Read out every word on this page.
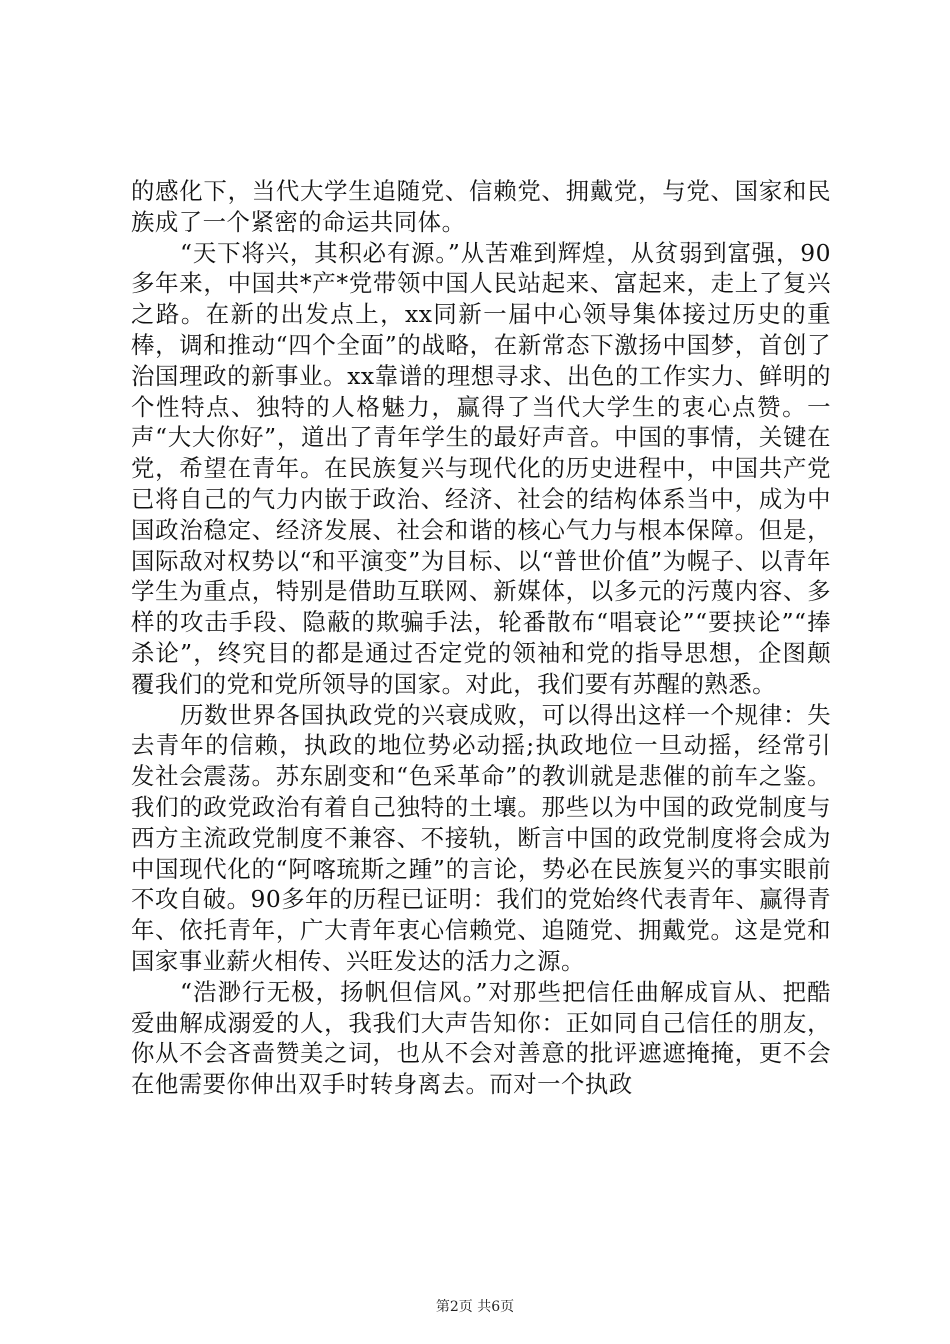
的感化下，当代大学生追随党、信赖党、拥戴党，与党、国家和民族成了一个紧密的命运共同体。

“天下将兴，其积必有源。”从苦难到辉煌，从贫弱到富强，90多年来，中国共*产*党带领中国人民站起来、富起来，走上了复兴之路。在新的出发点上，xx同新一届中心领导集体接过历史的重棒，调和推动“四个全面”的战略，在新常态下激扬中国梦，首创了治国理政的新事业。xx靠谱的理想寻求、出色的工作实力、鲜明的个性特点、独特的人格魅力，赢得了当代大学生的衷心点赞。一声“大大你好”，道出了青年学生的最好声音。中国的事情，关键在党，希望在青年。在民族复兴与现代化的历史进程中，中国共产党已将自己的气力内嵌于政治、经济、社会的结构体系当中，成为中国政治稳定、经济发展、社会和谐的核心气力与根本保障。但是，国际敌对权势以“和平演变”为目标、以“普世价值”为幌子、以青年学生为重点，特别是借助互联网、新媒体，以多元的污蔑内容、多样的攻击手段、隐蔽的欺骗手法，轮番散布“唱衰论”“要挟论”“捧杀论”，终究目的都是通过否定党的领袖和党的指导思想，企图颠覆我们的党和党所领导的国家。对此，我们要有苏醒的熟悉。

历数世界各国执政党的兴衰成败，可以得出这样一个规律：失去青年的信赖，执政的地位势必动摇;执政地位一旦动摇，经常引发社会震荡。苏东剧变和“色采革命”的教训就是悲催的前车之鉴。我们的政党政治有着自己独特的土壤。那些以为中国的政党制度与西方主流政党制度不兼容、不接轨，断言中国的政党制度将会成为中国现代化的“阿喀琉斯之踵”的言论，势必在民族复兴的事实眼前不攻自破。90多年的历程已证明：我们的党始终代表青年、赢得青年、依托青年，广大青年衷心信赖党、追随党、拥戴党。这是党和国家事业薪火相传、兴旺发达的活力之源。

“浩渺行无极，扬帆但信风。”对那些把信任曲解成盲从、把酷爱曲解成溺爱的人，我我们大声告知你：正如同自己信任的朋友，你从不会吝啬赞美之词，也从不会对善意的批评遮遮掩掩，更不会在他需要你伸出双手时转身离去。而对一个执政

第2页 共6页
